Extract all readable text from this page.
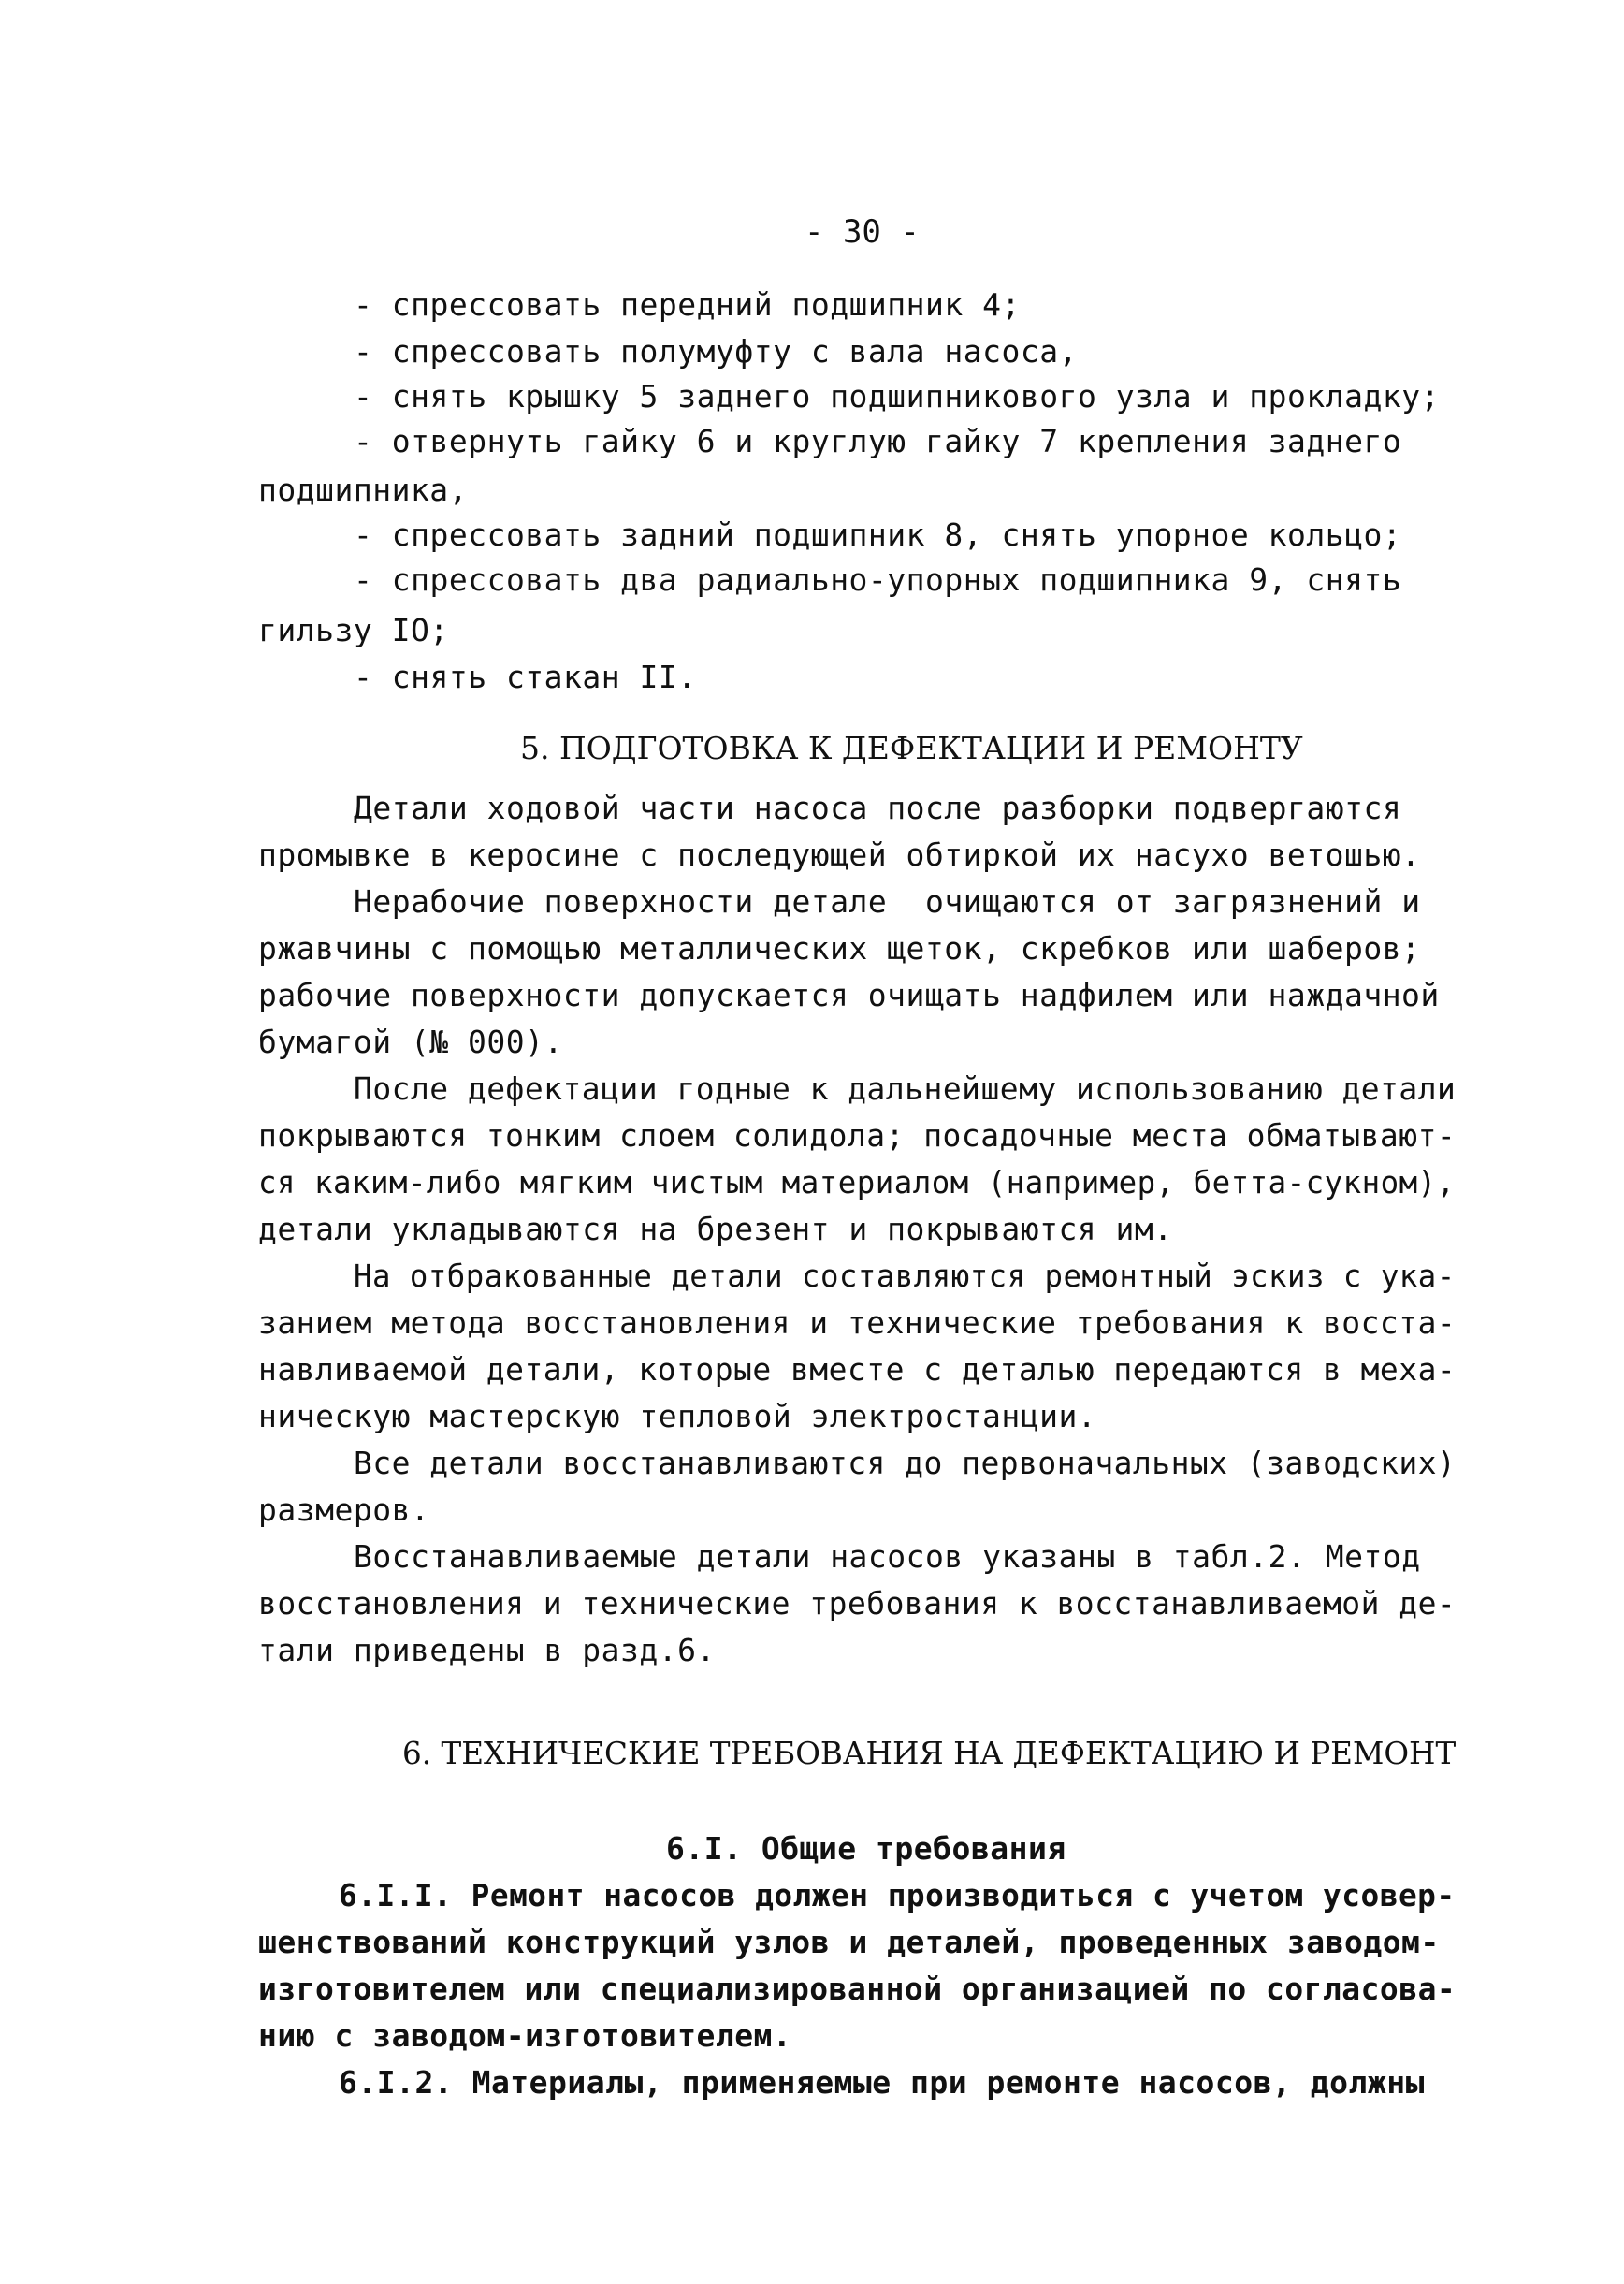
- 30 -
- спрессовать передний подшипник 4;
- спрессовать полумуфту с вала насоса,
- снять крышку 5 заднего подшипникового узла и прокладку;
- отвернуть гайку 6 и круглую гайку 7 крепления заднего
подшипника,
- спрессовать задний подшипник 8, снять упорное кольцо;
- спрессовать два радиально-упорных подшипника 9, снять
гильзу IO;
- снять стакан II.
5. ПОДГОТОВКА К ДЕФЕКТАЦИИ И РЕМОНТУ
Детали ходовой части насоса после разборки подвергаются
промывке в керосине с последующей обтиркой их насухо ветошью.
Нерабочие поверхности детале  очищаются от загрязнений и
ржавчины с помощью металлических щеток, скребков или шаберов;
рабочие поверхности допускается очищать надфилем или наждачной
бумагой (№ 000).
После дефектации годные к дальнейшему использованию детали
покрываются тонким слоем солидола; посадочные места обматывают-
ся каким-либо мягким чистым материалом (например, бетта-сукном),
детали укладываются на брезент и покрываются им.
На отбракованные детали составляются ремонтный эскиз с ука-
занием метода восстановления и технические требования к восста-
навливаемой детали, которые вместе с деталью передаются в меха-
ническую мастерскую тепловой электростанции.
Все детали восстанавливаются до первоначальных (заводских)
размеров.
Восстанавливаемые детали насосов указаны в табл.2. Метод
восстановления и технические требования к восстанавливаемой де-
тали приведены в разд.6.
6. ТЕХНИЧЕСКИЕ ТРЕБОВАНИЯ НА ДЕФЕКТАЦИЮ И РЕМОНТ
6.I. Общие требования
6.I.I. Ремонт насосов должен производиться с учетом усовер-
шенствований конструкций узлов и деталей, проведенных заводом-
изготовителем или специализированной организацией по согласова-
нию с заводом-изготовителем.
6.I.2. Материалы, применяемые при ремонте насосов, должны
